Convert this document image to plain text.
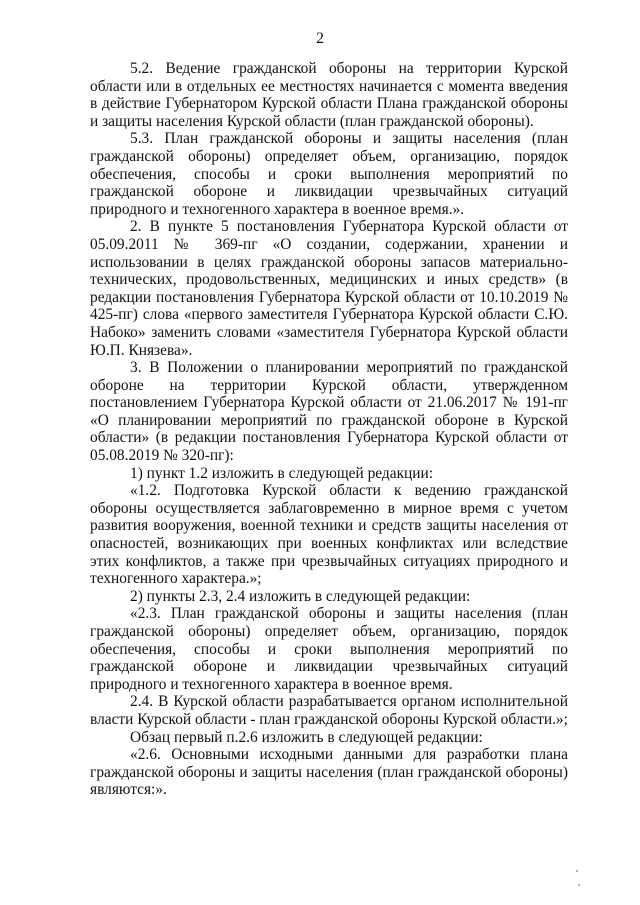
2

5.2. Ведение гражданской обороны на территории Курской области или в отдельных ее местностях начинается с момента введения в действие Губернатором Курской области Плана гражданской обороны и защиты населения Курской области (план гражданской обороны).

5.3. План гражданской обороны и защиты населения (план гражданской обороны) определяет объем, организацию, порядок обеспечения, способы и сроки выполнения мероприятий по гражданской обороне и ликвидации чрезвычайных ситуаций природного и техногенного характера в военное время.».

2. В пункте 5 постановления Губернатора Курской области от 05.09.2011 № 369-пг «О создании, содержании, хранении и использовании в целях гражданской обороны запасов материально- технических, продовольственных, медицинских и иных средств» (в редакции постановления Губернатора Курской области от 10.10.2019 № 425-пг) слова «первого заместителя Губернатора Курской области С.Ю. Набоко» заменить словами «заместителя Губернатора Курской области Ю.П. Князева».

3. В Положении о планировании мероприятий по гражданской обороне на территории Курской области, утвержденном постановлением Губернатора Курской области от 21.06.2017 № 191-пг «О планировании мероприятий по гражданской обороне в Курской области» (в редакции постановления Губернатора Курской области от 05.08.2019 № 320-пг):

1) пункт 1.2 изложить в следующей редакции:

«1.2. Подготовка Курской области к ведению гражданской обороны осуществляется заблаговременно в мирное время с учетом развития вооружения, военной техники и средств защиты населения от опасностей, возникающих при военных конфликтах или вследствие этих конфликтов, а также при чрезвычайных ситуациях природного и техногенного характера.»;

2) пункты 2.3, 2.4 изложить в следующей редакции:

«2.3. План гражданской обороны и защиты населения (план гражданской обороны) определяет объем, организацию, порядок обеспечения, способы и сроки выполнения мероприятий по гражданской обороне и ликвидации чрезвычайных ситуаций природного и техногенного характера в военное время.

2.4. В Курской области разрабатывается органом исполнительной власти Курской области - план гражданской обороны Курской области.»;

Обзац первый п.2.6 изложить в следующей редакции:

«2.6. Основными исходными данными для разработки плана гражданской обороны и защиты населения (план гражданской обороны) являются:».
